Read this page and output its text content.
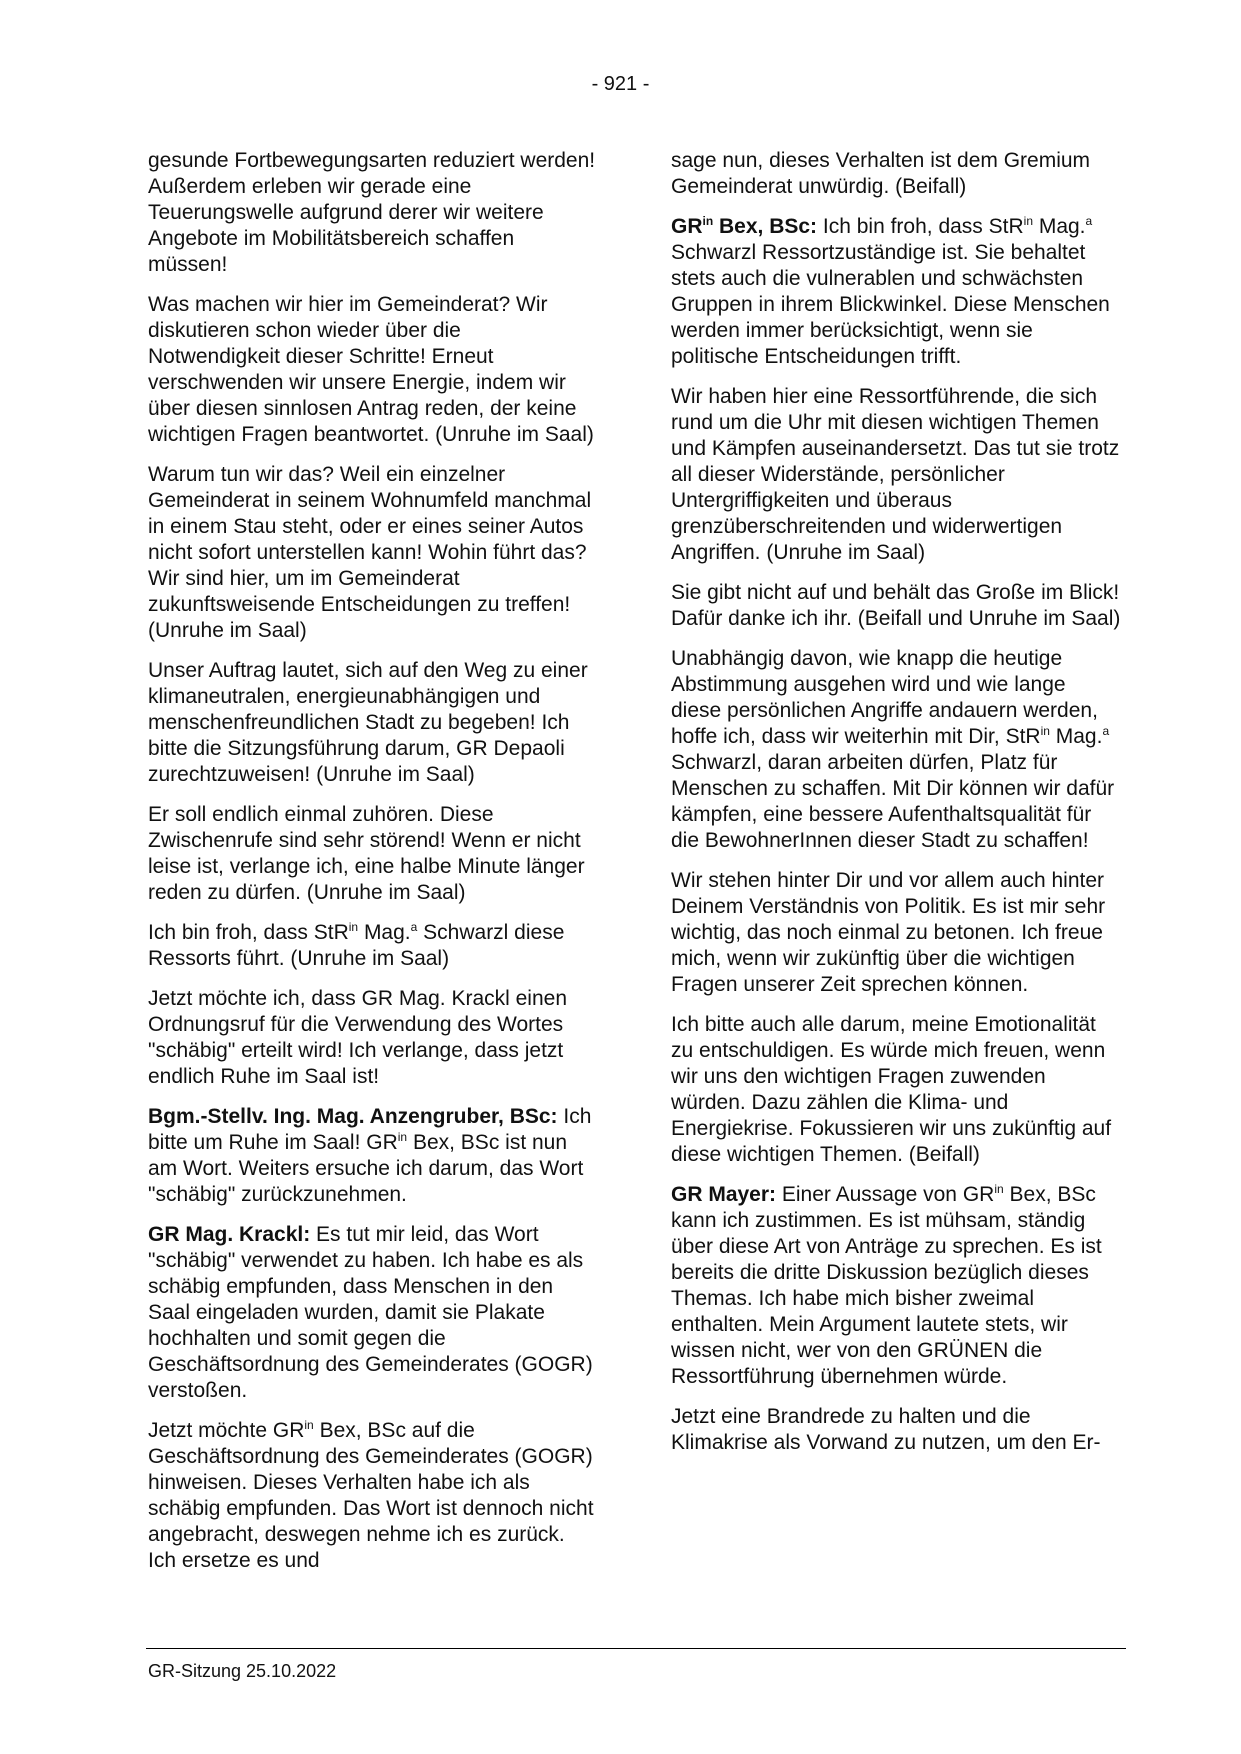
- 921 -

gesunde Fortbewegungsarten reduziert werden! Außerdem erleben wir gerade eine Teuerungswelle aufgrund derer wir weitere Angebote im Mobilitätsbereich schaffen müssen!

Was machen wir hier im Gemeinderat? Wir diskutieren schon wieder über die Notwendigkeit dieser Schritte! Erneut verschwenden wir unsere Energie, indem wir über diesen sinnlosen Antrag reden, der keine wichtigen Fragen beantwortet. (Unruhe im Saal)

Warum tun wir das? Weil ein einzelner Gemeinderat in seinem Wohnumfeld manchmal in einem Stau steht, oder er eines seiner Autos nicht sofort unterstellen kann! Wohin führt das? Wir sind hier, um im Gemeinderat zukunftsweisende Entscheidungen zu treffen! (Unruhe im Saal)

Unser Auftrag lautet, sich auf den Weg zu einer klimaneutralen, energieunabhängigen und menschenfreundlichen Stadt zu begeben! Ich bitte die Sitzungsführung darum, GR Depaoli zurechtzuweisen! (Unruhe im Saal)

Er soll endlich einmal zuhören. Diese Zwischenrufe sind sehr störend! Wenn er nicht leise ist, verlange ich, eine halbe Minute länger reden zu dürfen. (Unruhe im Saal)

Ich bin froh, dass StR$^{in}$ Mag.$^a$ Schwarzl diese Ressorts führt. (Unruhe im Saal)

Jetzt möchte ich, dass GR Mag. Krackl einen Ordnungsruf für die Verwendung des Wortes "schäbig" erteilt wird! Ich verlange, dass jetzt endlich Ruhe im Saal ist!

Bgm.-Stellv. Ing. Mag. Anzengruber, BSc: Ich bitte um Ruhe im Saal! $GR^{in}$ Bex, BSc ist nun am Wort. Weiters ersuche ich darum, das Wort "schäbig" zurückzunehmen.

GR Mag. Krackl: Es tut mir leid, das Wort "schäbig" verwendet zu haben. Ich habe es als schäbig empfunden, dass Menschen in den Saal eingeladen wurden, damit sie Plakate hochhalten und somit gegen die Geschäftsordnung des Gemeinderates (GOGR) verstoßen.

Jetzt möchte $GR^{in}$ Bex, BSc auf die Geschäftsordnung des Gemeinderates (GOGR) hinweisen. Dieses Verhalten habe ich als schäbig empfunden. Das Wort ist dennoch nicht angebracht, deswegen nehme ich es zurück. Ich ersetze es und

sage nun, dieses Verhalten ist dem Gremium Gemeinderat unwürdig. (Beifall)

$GR^{in}$ Bex, BSc: Ich bin froh, dass StR$^{in}$ Mag.$^a$ Schwarzl Ressortzuständige ist. Sie behaltet stets auch die vulnerablen und schwächsten Gruppen in ihrem Blickwinkel. Diese Menschen werden immer berücksichtigt, wenn sie politische Entscheidungen trifft.

Wir haben hier eine Ressortführende, die sich rund um die Uhr mit diesen wichtigen Themen und Kämpfen auseinandersetzt. Das tut sie trotz all dieser Widerstände, persönlicher Untergriffigkeiten und überaus grenzüberschreitenden und widerwertigen Angriffen. (Unruhe im Saal)

Sie gibt nicht auf und behält das Große im Blick! Dafür danke ich ihr. (Beifall und Unruhe im Saal)

Unabhängig davon, wie knapp die heutige Abstimmung ausgehen wird und wie lange diese persönlichen Angriffe andauern werden, hoffe ich, dass wir weiterhin mit Dir, StR$^{in}$ Mag.$^a$ Schwarzl, daran arbeiten dürfen, Platz für Menschen zu schaffen. Mit Dir können wir dafür kämpfen, eine bessere Aufenthaltsqualität für die BewohnerInnen dieser Stadt zu schaffen!

Wir stehen hinter Dir und vor allem auch hinter Deinem Verständnis von Politik. Es ist mir sehr wichtig, das noch einmal zu betonen. Ich freue mich, wenn wir zukünftig über die wichtigen Fragen unserer Zeit sprechen können.

Ich bitte auch alle darum, meine Emotionalität zu entschuldigen. Es würde mich freuen, wenn wir uns den wichtigen Fragen zuwenden würden. Dazu zählen die Klima- und Energiekrise. Fokussieren wir uns zukünftig auf diese wichtigen Themen. (Beifall)

GR Mayer: Einer Aussage von $GR^{in}$ Bex, BSc kann ich zustimmen. Es ist mühsam, ständig über diese Art von Anträge zu sprechen. Es ist bereits die dritte Diskussion bezüglich dieses Themas. Ich habe mich bisher zweimal enthalten. Mein Argument lautete stets, wir wissen nicht, wer von den GRÜNEN die Ressortführung übernehmen würde.

Jetzt eine Brandrede zu halten und die Klimakrise als Vorwand zu nutzen, um den Er-

GR-Sitzung 25.10.2022
